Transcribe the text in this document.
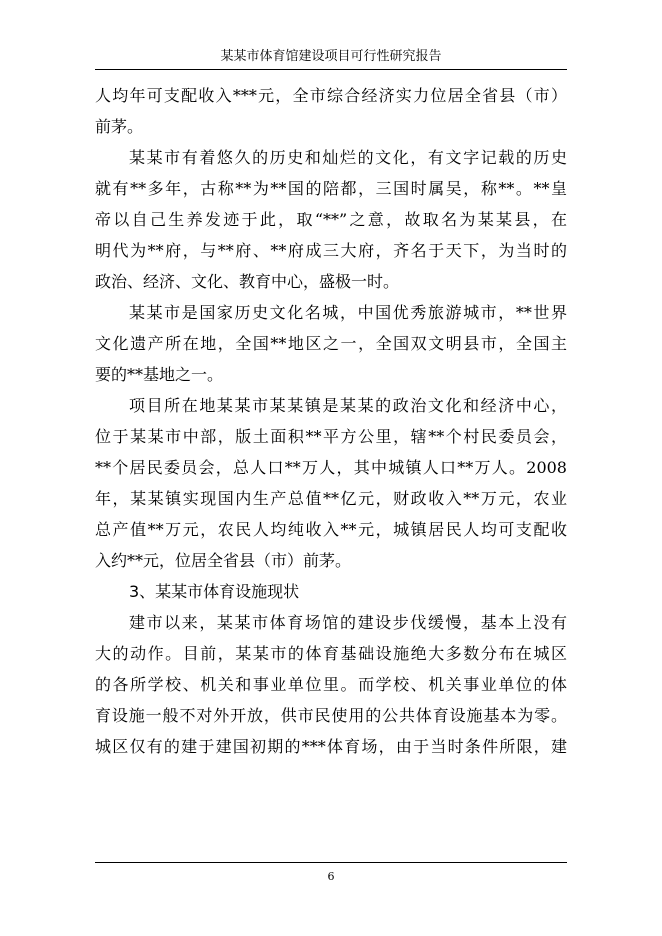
某某市体育馆建设项目可行性研究报告
人均年可支配收入***元，全市综合经济实力位居全省县（市）
前茅。
某某市有着悠久的历史和灿烂的文化，有文字记载的历史
就有**多年，古称**为**国的陪都，三国时属吴，称**。**皇
帝以自己生养发迹于此，取“**”之意，故取名为某某县，在
明代为**府，与**府、**府成三大府，齐名于天下，为当时的
政治、经济、文化、教育中心，盛极一时。
某某市是国家历史文化名城，中国优秀旅游城市，**世界
文化遗产所在地，全国**地区之一，全国双文明县市，全国主
要的**基地之一。
项目所在地某某市某某镇是某某的政治文化和经济中心，
位于某某市中部，版土面积**平方公里，辖**个村民委员会，
**个居民委员会，总人口**万人，其中城镇人口**万人。2008
年，某某镇实现国内生产总值**亿元，财政收入**万元，农业
总产值**万元，农民人均纯收入**元，城镇居民人均可支配收
入约**元，位居全省县（市）前茅。
3、某某市体育设施现状
建市以来，某某市体育场馆的建设步伐缓慢，基本上没有
大的动作。目前，某某市的体育基础设施绝大多数分布在城区
的各所学校、机关和事业单位里。而学校、机关事业单位的体
育设施一般不对外开放，供市民使用的公共体育设施基本为零。
城区仅有的建于建国初期的***体育场，由于当时条件所限，建
6
